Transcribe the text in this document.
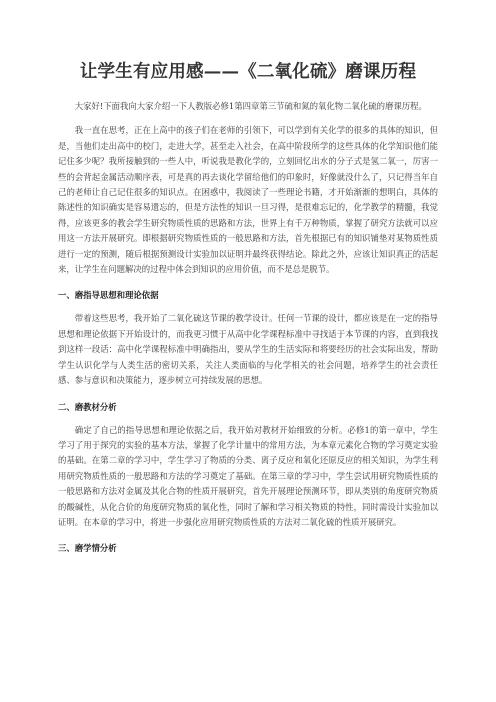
让学生有应用感——《二氧化硫》磨课历程

大家好!下面我向大家介绍一下人教版必修1第四章第三节硫和氮的氧化物二氧化硫的磨课历程。

我一直在思考，正在上高中的孩子们在老师的引领下，可以学到有关化学的很多的具体的知识，但是，当他们走出高中的校门，走进大学，甚至走入社会，在高中阶段所学的这些具体的化学知识他们能记住多少呢？我所接触到的一些人中，听说我是教化学的，立刻回忆出水的分子式是氢二氧一，厉害一些的会背起金属活动顺序表，可是真的再去谈化学留给他们的印象时，好像就没什么了，只记得当年自己的老师让自己记住很多的知识点。在困惑中，我阅读了一些理论书籍，才开始渐渐的想明白，具体的陈述性的知识确实是容易遗忘的，但是方法性的知识一旦习得，是很难忘记的，化学教学的精髓，我觉得，应该更多的教会学生研究物质性质的思路和方法，世界上有千万种物质，掌握了研究方法就可以应用这一方法开展研究。即根据研究物质性质的一般思路和方法，首先根据已有的知识铺垫对某物质性质进行一定的预测，随后根据预测设计实验加以证明并最终获得结论。除此之外，应该让知识真正的活起来，让学生在问题解决的过程中体会到知识的应用价值，而不是总是脱节。

一、磨指导思想和理论依据

带着这些思考，我开始了二氧化硫这节课的教学设计。任何一节课的设计，都应该是在一定的指导思想和理论依据下开始设计的，而我更习惯于从高中化学课程标准中寻找适于本节课的内容，直到我找到这样一段话：高中化学课程标准中明确指出，要从学生的生活实际和将要经历的社会实际出发，帮助学生认识化学与人类生活的密切关系，关注人类面临的与化学相关的社会问题，培养学生的社会责任感、参与意识和决策能力，逐步树立可持续发展的思想。

二、磨教材分析

确定了自己的指导思想和理论依据之后，我开始对教材开始细致的分析。必修1的第一章中，学生学习了用于探究的实验的基本方法，掌握了化学计量中的常用方法，为本章元素化合物的学习奠定实验的基础。在第二章的学习中，学生学习了物质的分类、离子反应和氧化还原反应的相关知识，为学生利用研究物质性质的一般思路和方法的学习奠定了基础。在第三章的学习中，学生尝试用研究物质性质的一般思路和方法对金属及其化合物的性质开展研究，首先开展理论预测环节，即从类别的角度研究物质的酸碱性，从化合价的角度研究物质的氧化性，同时了解和学习相关物质的特性，同时需设计实验加以证明。在本章的学习中，将进一步强化应用研究物质性质的方法对二氧化硫的性质开展研究。

三、磨学情分析
